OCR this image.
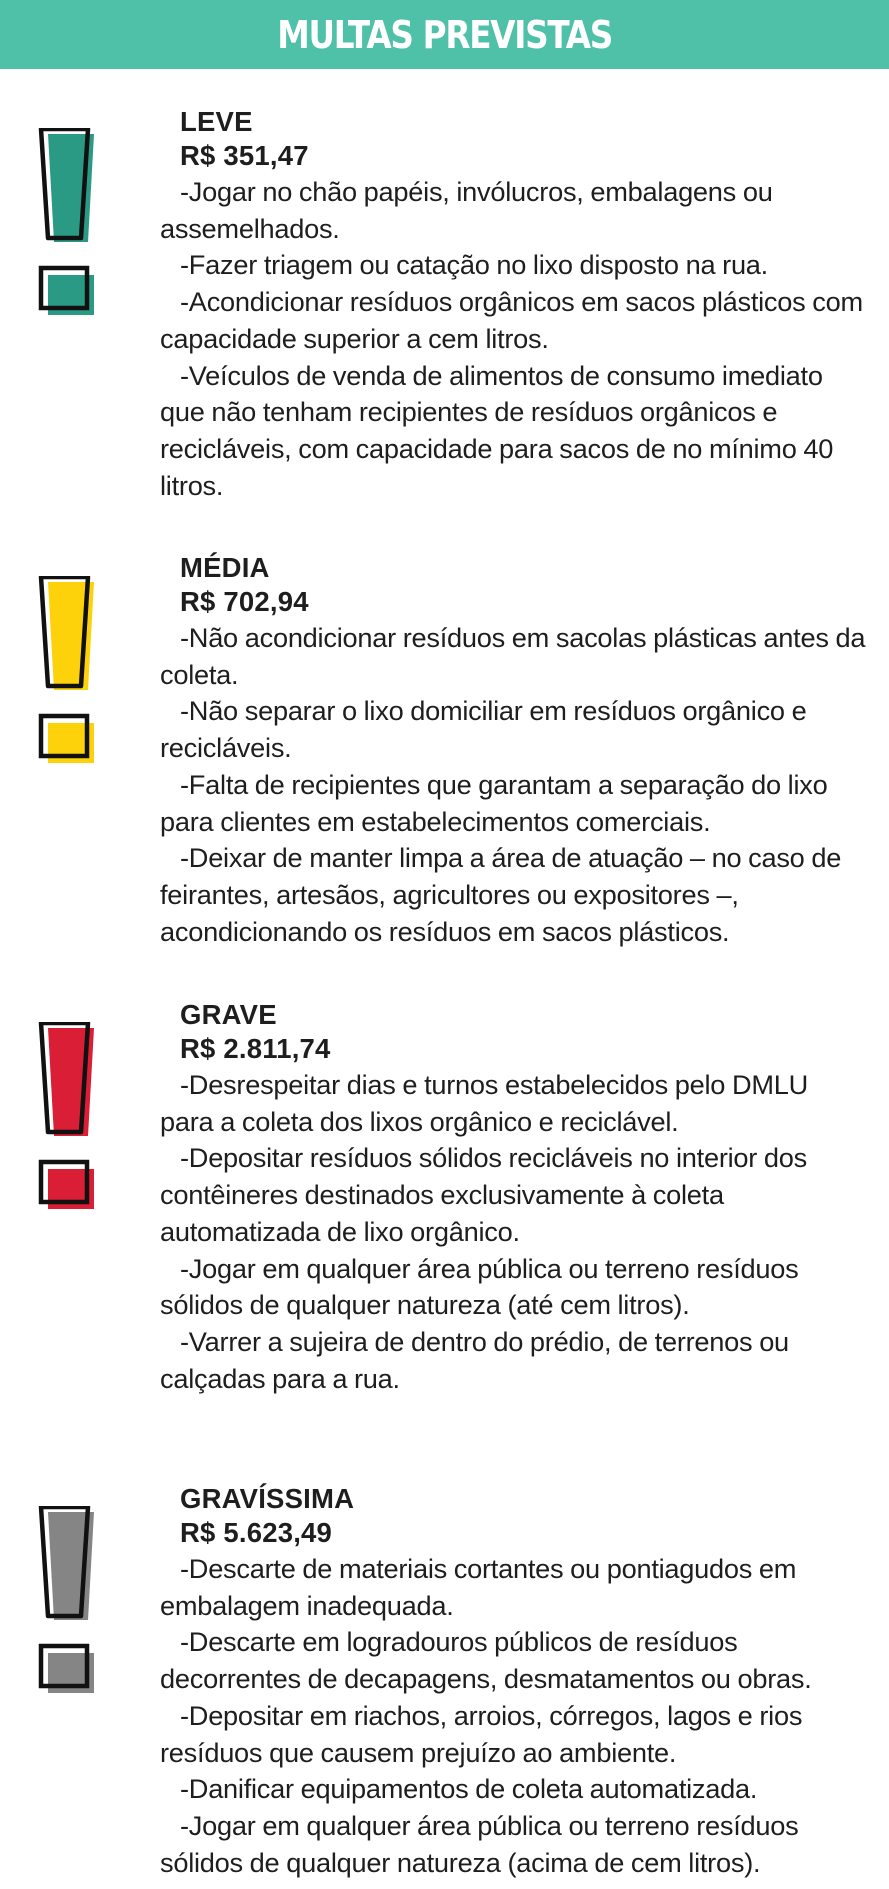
MULTAS PREVISTAS
LEVE
R$ 351,47
-Jogar no chão papéis, invólucros, embalagens ou assemelhados.
-Fazer triagem ou catação no lixo disposto na rua.
-Acondicionar resíduos orgânicos em sacos plásticos com capacidade superior a cem litros.
-Veículos de venda de alimentos de consumo imediato que não tenham recipientes de resíduos orgânicos e recicláveis, com capacidade para sacos de no mínimo 40 litros.
MÉDIA
R$ 702,94
-Não acondicionar resíduos em sacolas plásticas antes da coleta.
-Não separar o lixo domiciliar em resíduos orgânico e recicláveis.
-Falta de recipientes que garantam a separação do lixo para clientes em estabelecimentos comerciais.
-Deixar de manter limpa a área de atuação – no caso de feirantes, artesãos, agricultores ou expositores –, acondicionando os resíduos em sacos plásticos.
GRAVE
R$ 2.811,74
-Desrespeitar dias e turnos estabelecidos pelo DMLU para a coleta dos lixos orgânico e reciclável.
-Depositar resíduos sólidos recicláveis no interior dos contêineres destinados exclusivamente à coleta automatizada de lixo orgânico.
-Jogar em qualquer área pública ou terreno resíduos sólidos de qualquer natureza (até cem litros).
-Varrer a sujeira de dentro do prédio, de terrenos ou calçadas para a rua.
GRAVÍSSIMA
R$ 5.623,49
-Descarte de materiais cortantes ou pontiagudos em embalagem inadequada.
-Descarte em logradouros públicos de resíduos decorrentes de decapagens, desmatamentos ou obras.
-Depositar em riachos, arroios, córregos, lagos e rios resíduos que causem prejuízo ao ambiente.
-Danificar equipamentos de coleta automatizada.
-Jogar em qualquer área pública ou terreno resíduos sólidos de qualquer natureza (acima de cem litros).
